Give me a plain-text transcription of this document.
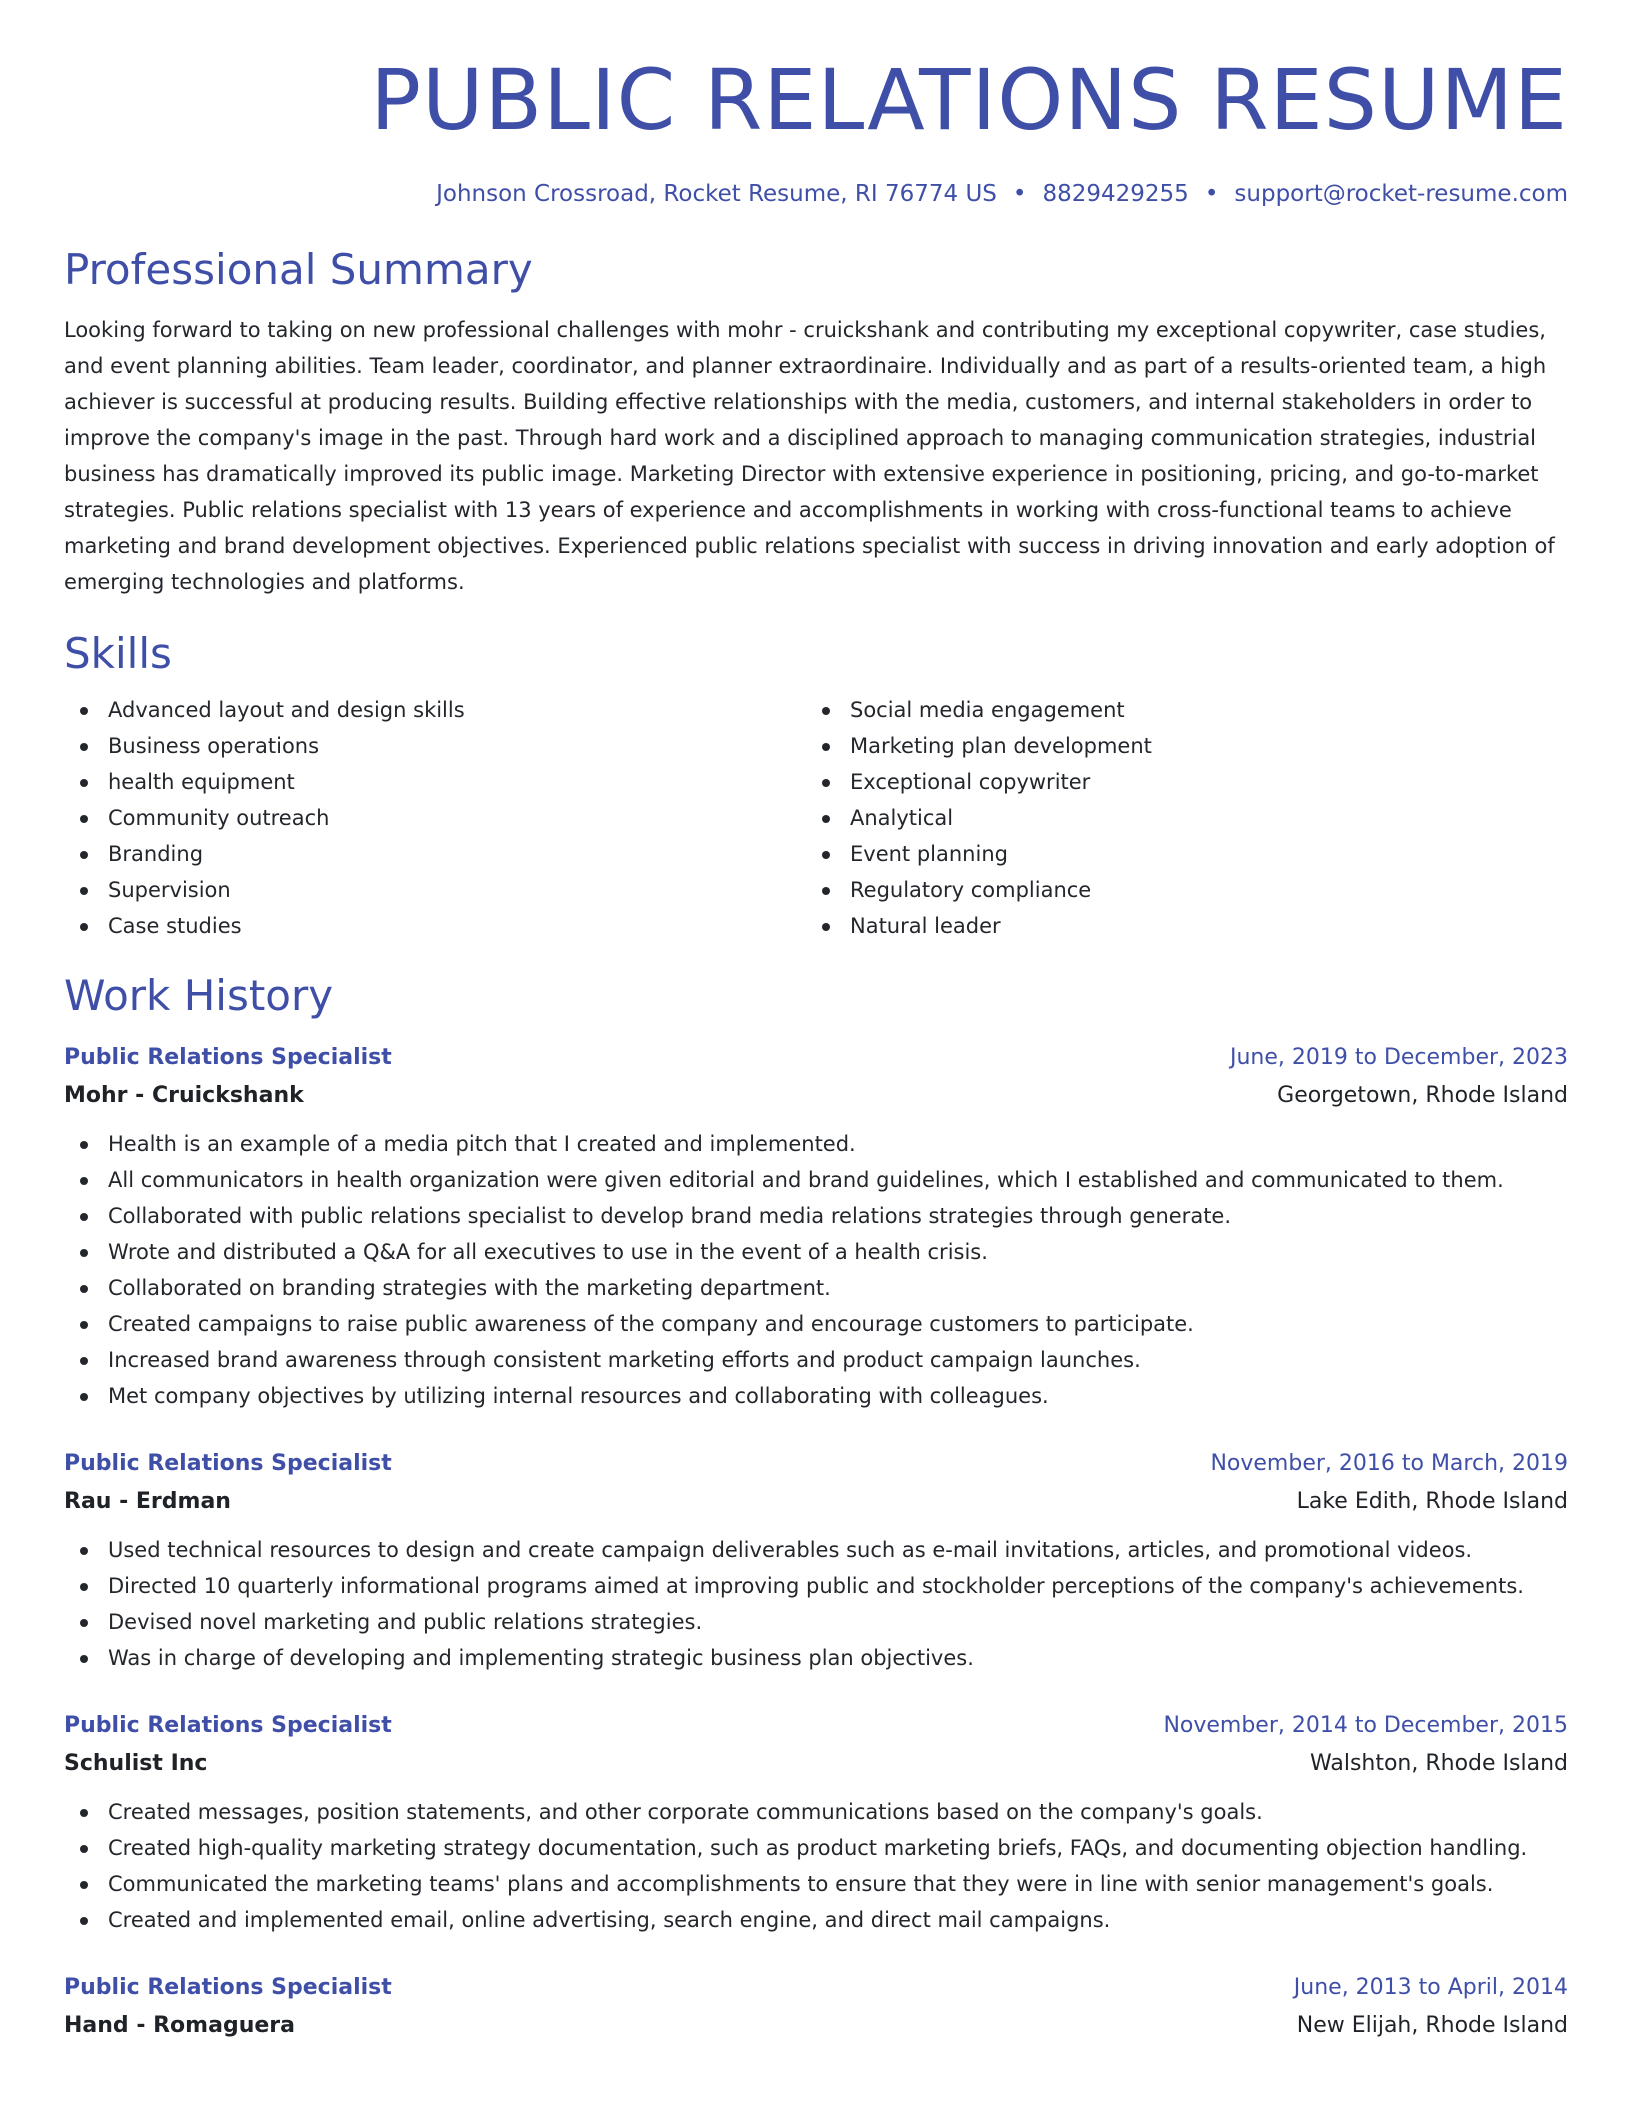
PUBLIC RELATIONS RESUME
Johnson Crossroad, Rocket Resume, RI 76774 US • 8829429255 • support@rocket-resume.com
Professional Summary

Looking forward to taking on new professional challenges with mohr - cruickshank and contributing my exceptional copywriter, case studies, and event planning abilities. Team leader, coordinator, and planner extraordinaire. Individually and as part of a results-oriented team, a high achiever is successful at producing results. Building effective relationships with the media, customers, and internal stakeholders in order to improve the company's image in the past. Through hard work and a disciplined approach to managing communication strategies, industrial business has dramatically improved its public image. Marketing Director with extensive experience in positioning, pricing, and go-to-market strategies. Public relations specialist with 13 years of experience and accomplishments in working with cross-functional teams to achieve marketing and brand development objectives. Experienced public relations specialist with success in driving innovation and early adoption of emerging technologies and platforms.

Skills
Advanced layout and design skills
Business operations
health equipment
Community outreach
Branding
Supervision
Case studies
Social media engagement
Marketing plan development
Exceptional copywriter
Analytical
Event planning
Regulatory compliance
Natural leader
Work History
Public Relations Specialist	June, 2019 to December, 2023
Mohr - Cruickshank	Georgetown, Rhode Island
Health is an example of a media pitch that I created and implemented.
All communicators in health organization were given editorial and brand guidelines, which I established and communicated to them.
Collaborated with public relations specialist to develop brand media relations strategies through generate.
Wrote and distributed a Q&A for all executives to use in the event of a health crisis.
Collaborated on branding strategies with the marketing department.
Created campaigns to raise public awareness of the company and encourage customers to participate.
Increased brand awareness through consistent marketing efforts and product campaign launches.
Met company objectives by utilizing internal resources and collaborating with colleagues.
Public Relations Specialist	November, 2016 to March, 2019
Rau - Erdman	Lake Edith, Rhode Island
Used technical resources to design and create campaign deliverables such as e-mail invitations, articles, and promotional videos.
Directed 10 quarterly informational programs aimed at improving public and stockholder perceptions of the company's achievements.
Devised novel marketing and public relations strategies.
Was in charge of developing and implementing strategic business plan objectives.
Public Relations Specialist	November, 2014 to December, 2015
Schulist Inc	Walshton, Rhode Island
Created messages, position statements, and other corporate communications based on the company's goals.
Created high-quality marketing strategy documentation, such as product marketing briefs, FAQs, and documenting objection handling.
Communicated the marketing teams' plans and accomplishments to ensure that they were in line with senior management's goals.
Created and implemented email, online advertising, search engine, and direct mail campaigns.
Public Relations Specialist	June, 2013 to April, 2014
Hand - Romaguera	New Elijah, Rhode Island
